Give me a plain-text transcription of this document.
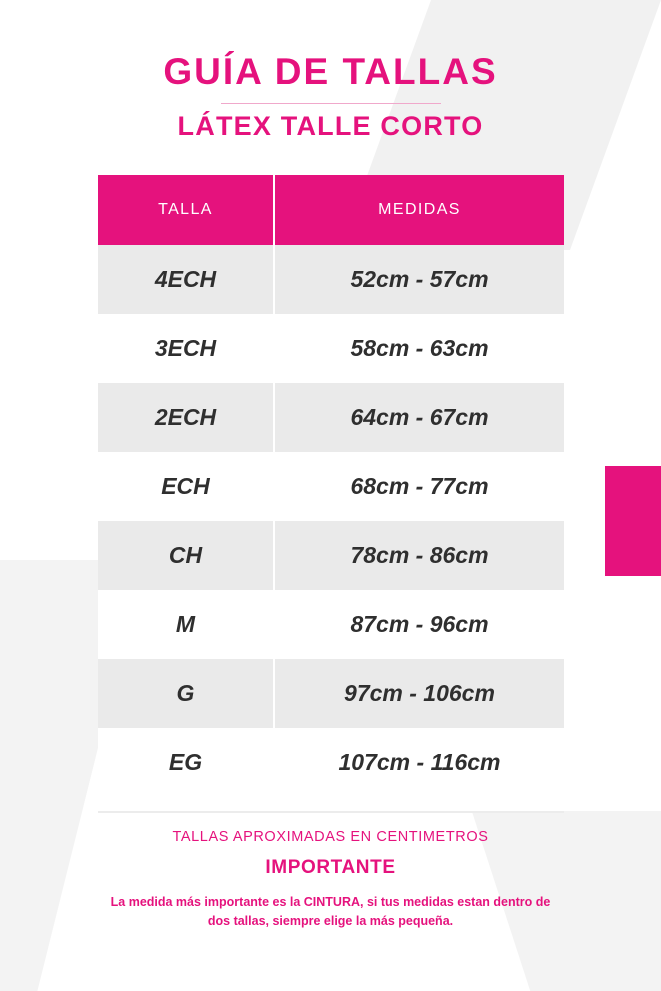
GUÍA DE TALLAS
LÁTEX TALLE CORTO
TALLA	MEDIDAS
4ECH	52cm - 57cm
3ECH	58cm - 63cm
2ECH	64cm - 67cm
ECH	68cm - 77cm
CH	78cm - 86cm
M	87cm - 96cm
G	97cm - 106cm
EG	107cm - 116cm

TALLAS APROXIMADAS EN CENTIMETROS

IMPORTANTE

La medida más importante es la CINTURA, si tus medidas estan dentro de dos tallas, siempre elige la más pequeña.
